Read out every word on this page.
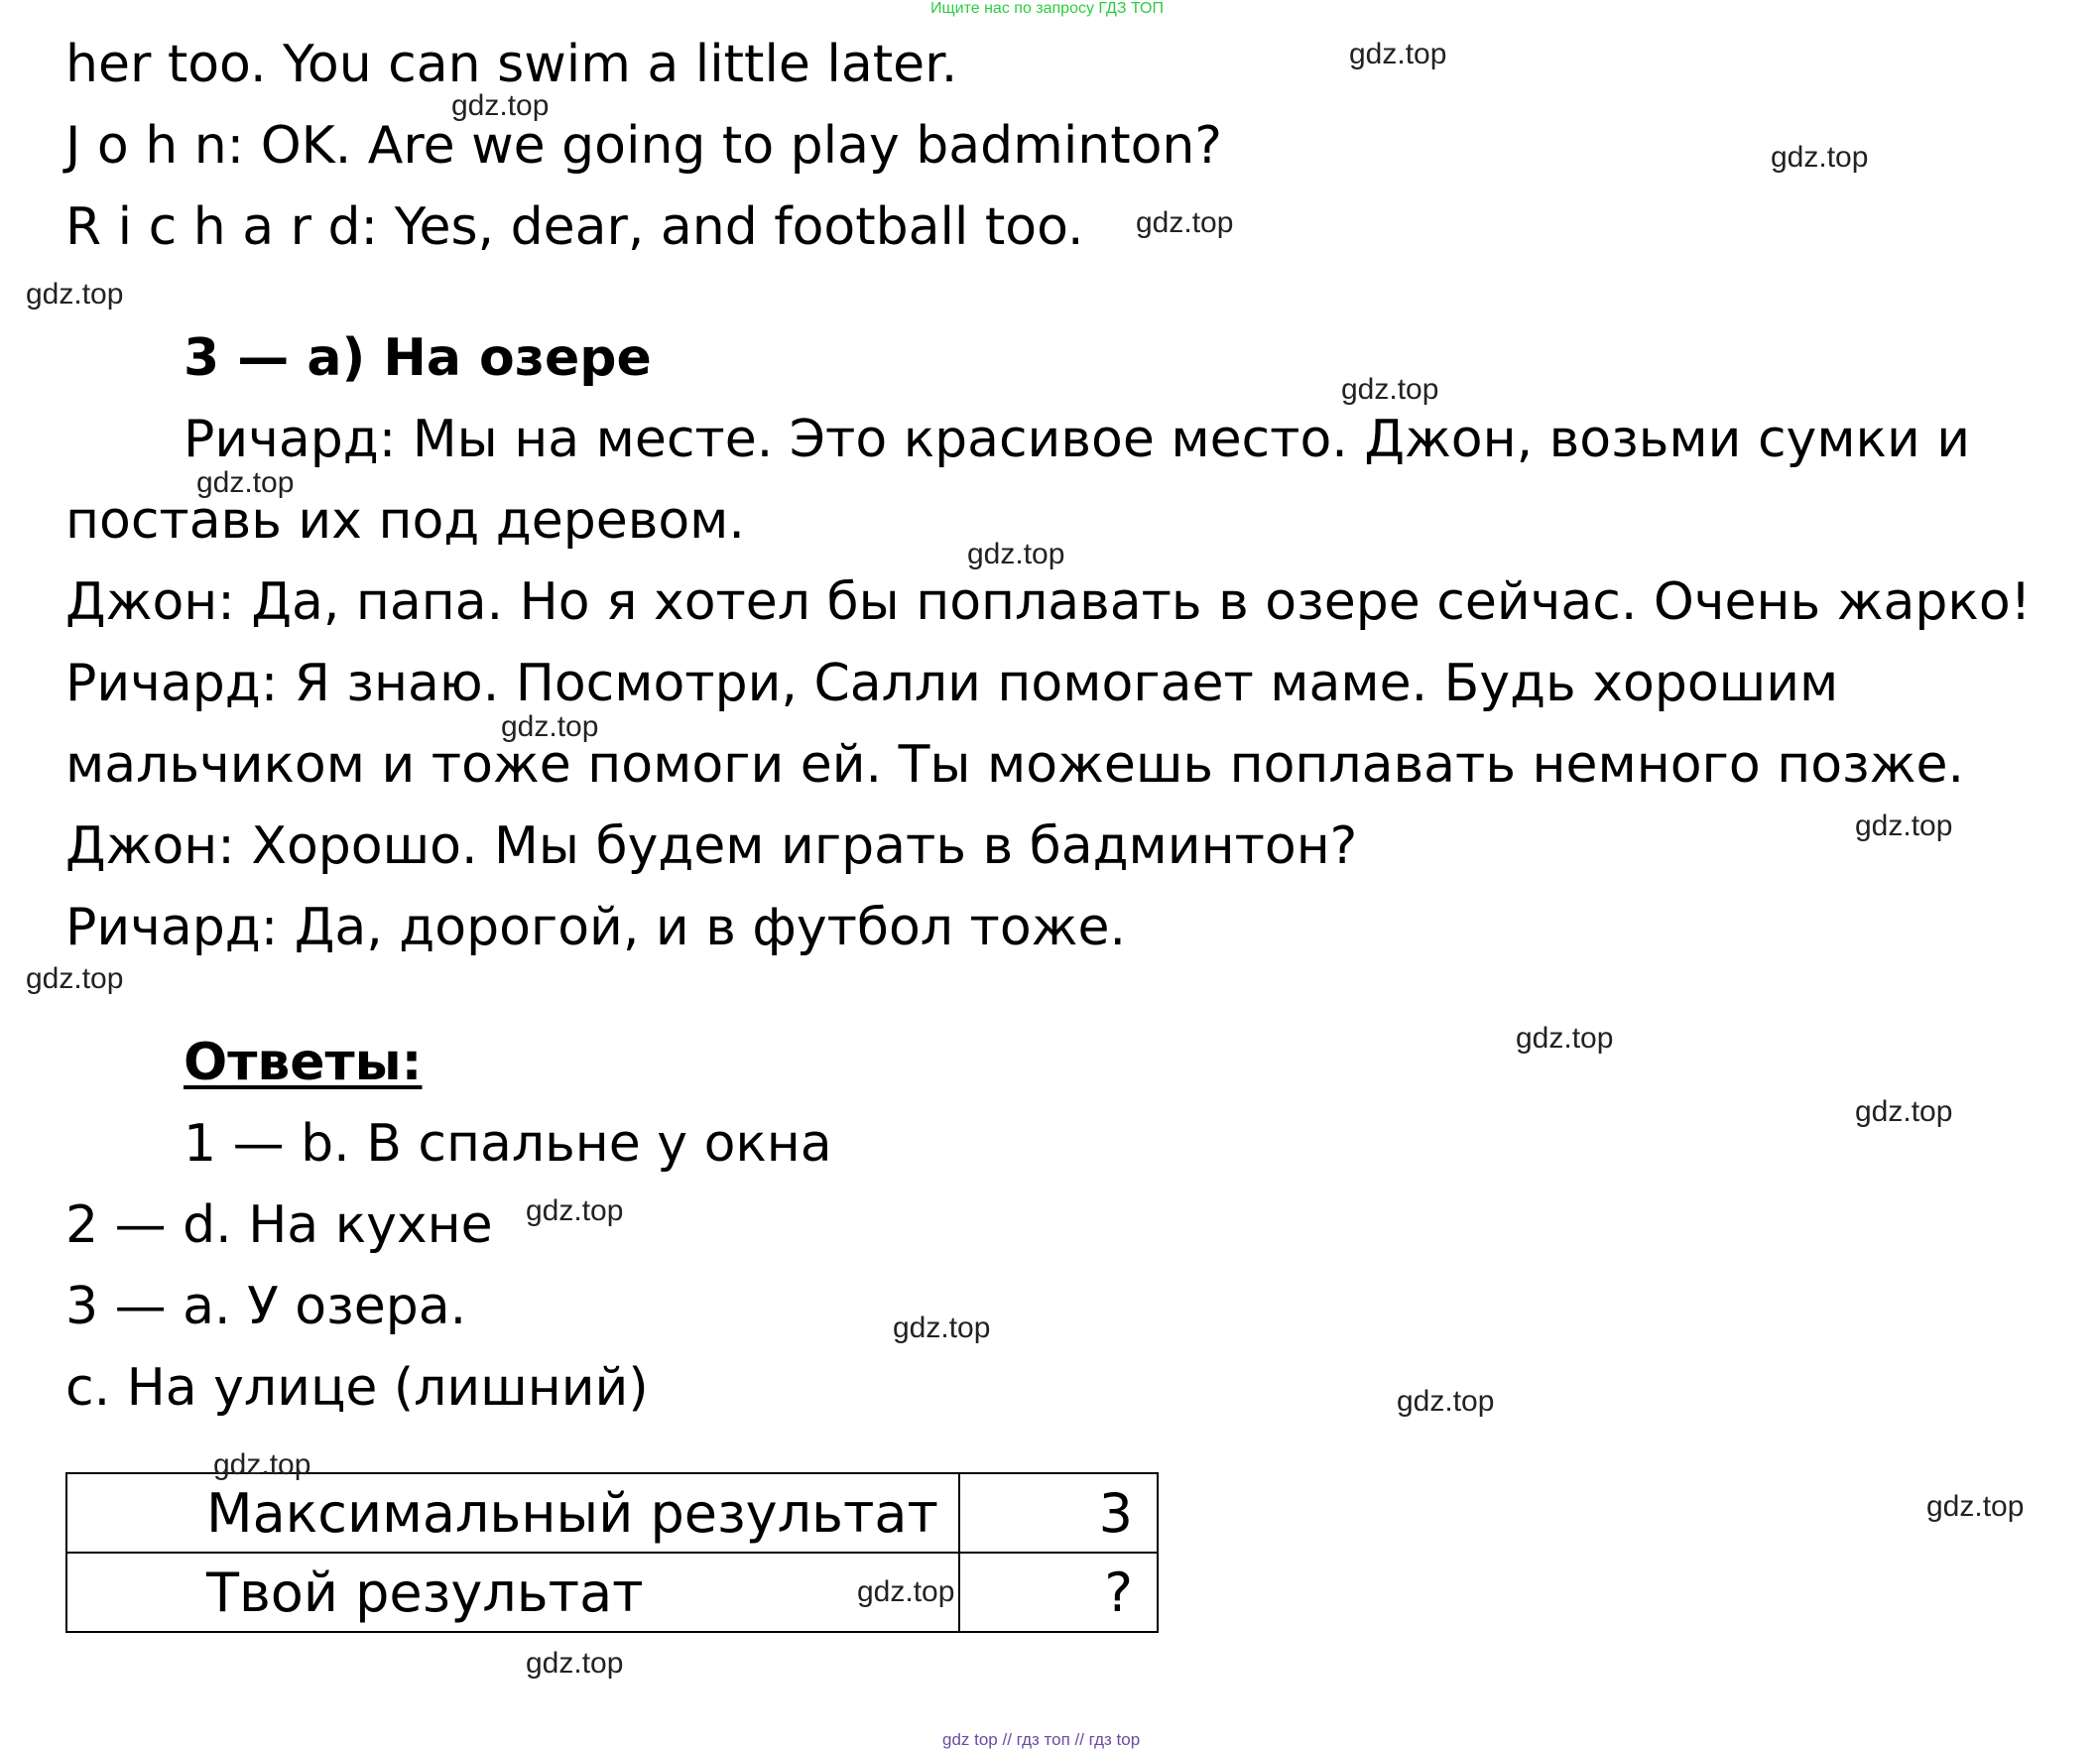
Ищите нас по запросу ГДЗ ТОП
her too. You can swim a little later.
J o h n: OK. Are we going to play badminton?
R i c h a r d: Yes, dear, and football too.
3 — a) На озере
Ричард: Мы на месте. Это красивое место. Джон, возьми сумки и
поставь их под деревом.
Джон: Да, папа. Но я хотел бы поплавать в озере сейчас. Очень жарко!
Ричард: Я знаю. Посмотри, Салли помогает маме. Будь хорошим
мальчиком и тоже помоги ей. Ты можешь поплавать немного позже.
Джон: Хорошо. Мы будем играть в бадминтон?
Ричард: Да, дорогой, и в футбол тоже.
Ответы:
1 — b. В спальне у окна
2 — d. На кухне
3 — a. У озера.
c. На улице (лишний)
Максимальный результат	3
Твой результат	?
gdz.top
gdz.top
gdz.top
gdz.top
gdz.top
gdz.top
gdz.top
gdz.top
gdz.top
gdz.top
gdz.top
gdz.top
gdz.top
gdz.top
gdz.top
gdz.top
gdz.top
gdz.top
gdz.top
gdz.top
gdz top // гдз топ // гдз top
